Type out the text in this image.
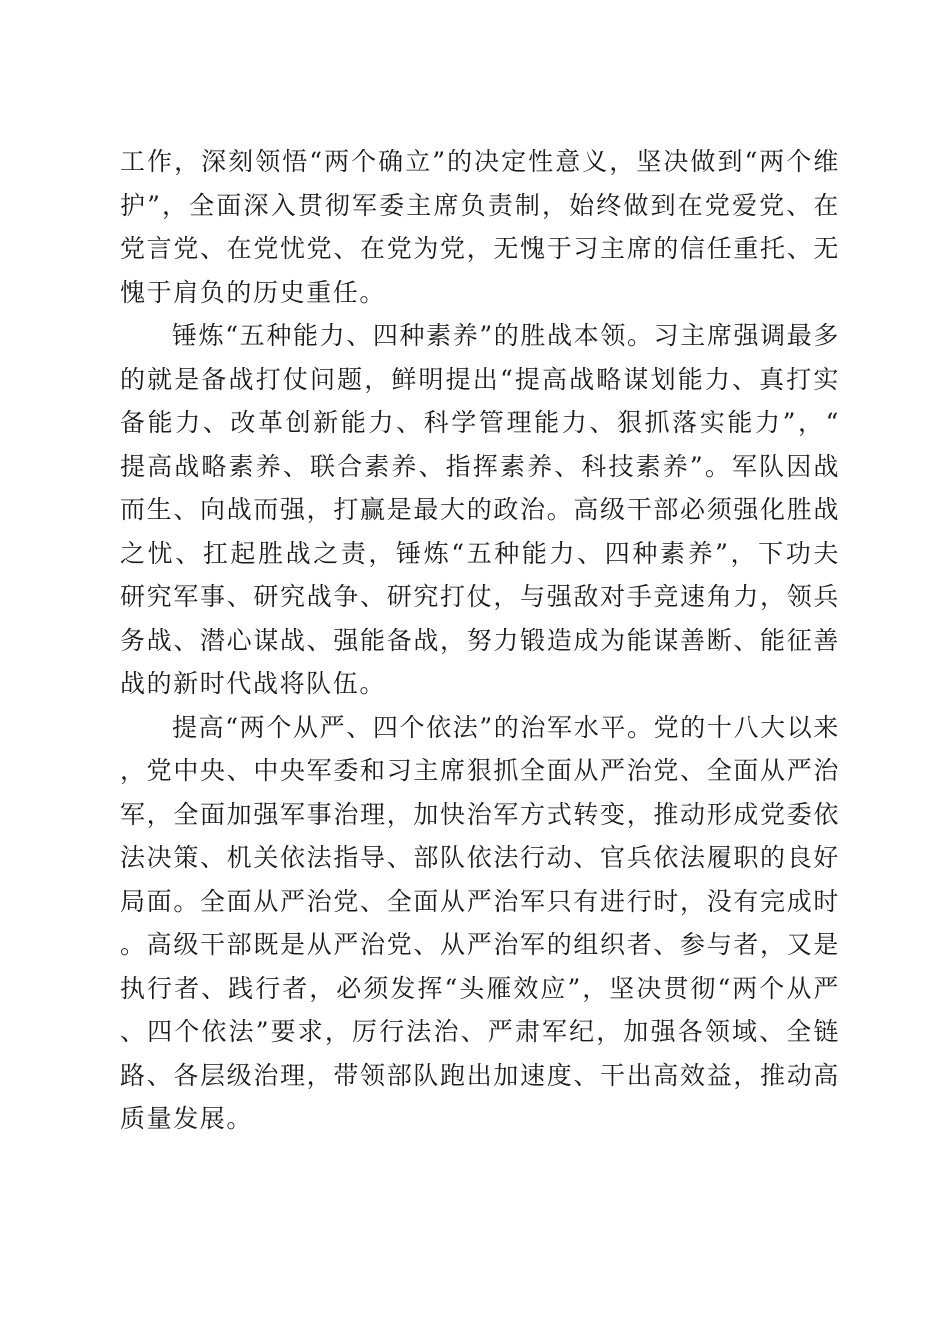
工作，深刻领悟“两个确立”的决定性意义，坚决做到“两个维护”，全面深入贯彻军委主席负责制，始终做到在党爱党、在党言党、在党忧党、在党为党，无愧于习主席的信任重托、无愧于肩负的历史重任。

锤炼“五种能力、四种素养”的胜战本领。习主席强调最多的就是备战打仗问题，鲜明提出“提高战略谋划能力、真打实备能力、改革创新能力、科学管理能力、狠抓落实能力”，“提高战略素养、联合素养、指挥素养、科技素养”。军队因战而生、向战而强，打赢是最大的政治。高级干部必须强化胜战之忧、扛起胜战之责，锤炼“五种能力、四种素养”，下功夫研究军事、研究战争、研究打仗，与强敌对手竞速角力，领兵务战、潜心谋战、强能备战，努力锻造成为能谋善断、能征善战的新时代战将队伍。

提高“两个从严、四个依法”的治军水平。党的十八大以来，党中央、中央军委和习主席狠抓全面从严治党、全面从严治军，全面加强军事治理，加快治军方式转变，推动形成党委依法决策、机关依法指导、部队依法行动、官兵依法履职的良好局面。全面从严治党、全面从严治军只有进行时，没有完成时。高级干部既是从严治党、从严治军的组织者、参与者，又是执行者、践行者，必须发挥“头雁效应”，坚决贯彻“两个从严、四个依法”要求，厉行法治、严肃军纪，加强各领域、全链路、各层级治理，带领部队跑出加速度、干出高效益，推动高质量发展。
